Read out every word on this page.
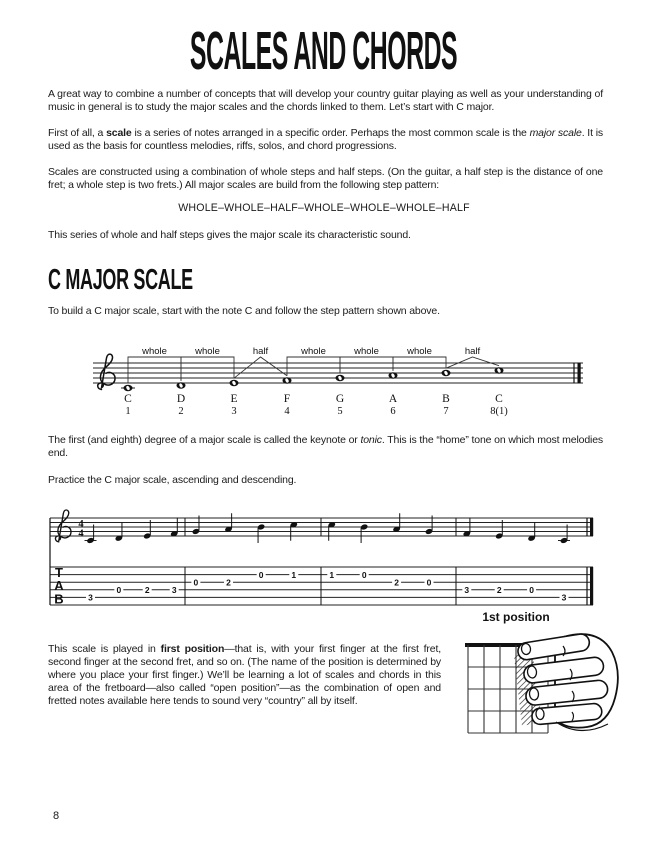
SCALES AND CHORDS
A great way to combine a number of concepts that will develop your country guitar playing as well as your understanding of music in general is to study the major scales and the chords linked to them. Let’s start with C major.
First of all, a scale is a series of notes arranged in a specific order. Perhaps the most common scale is the major scale. It is used as the basis for countless melodies, riffs, solos, and chord progressions.
Scales are constructed using a combination of whole steps and half steps. (On the guitar, a half step is the distance of one fret; a whole step is two frets.) All major scales are build from the following step pattern:
WHOLE–WHOLE–HALF–WHOLE–WHOLE–WHOLE–HALF
This series of whole and half steps gives the major scale its characteristic sound.
C MAJOR SCALE
To build a C major scale, start with the note C and follow the step pattern shown above.
C
1
D
2
E
3
F
4
G
5
A
6
B
7
C
8(1)
whole	whole	half	whole	whole	whole	half
The first (and eighth) degree of a major scale is called the keynote or tonic. This is the “home” tone on which most melodies end.
Practice the C major scale, ascending and descending.
4
4
T
A
B	3
0	2	3
0	2
0	1	1	0
2	0
3	2	0
3
This scale is played in first position—that is, with your first finger at the first fret, second finger at the second fret, and so on. (The name of the position is determined by where you place your first finger.) We’ll be learning a lot of scales and chords in this area of the fretboard—also called “open position”—as the combination of open and fretted notes available here tends to sound very “country” all by itself.
1st position
8
